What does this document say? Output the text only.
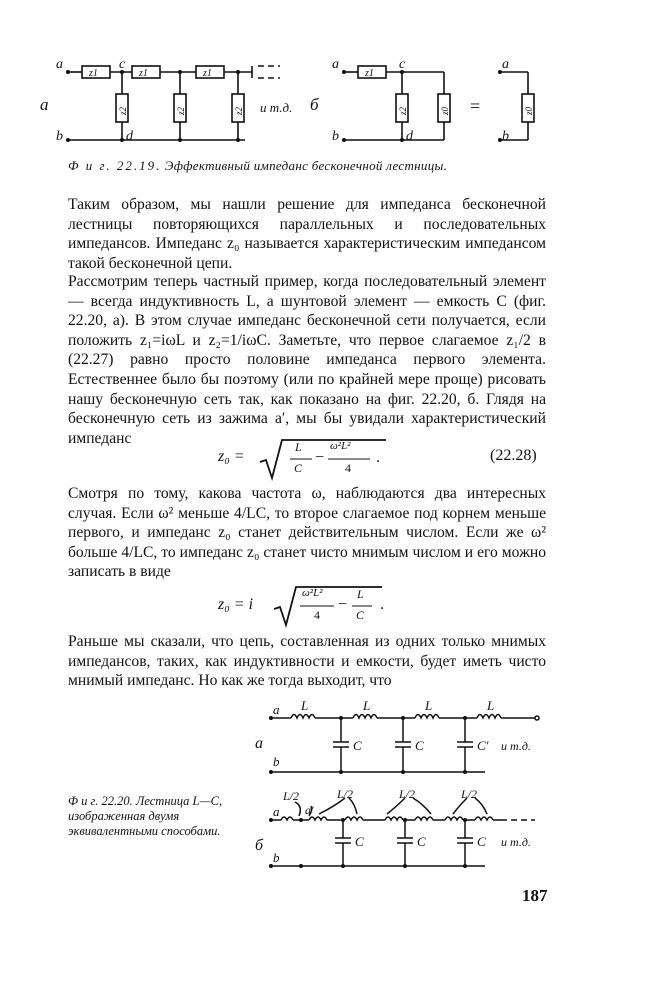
a	c
b	d
z1	z1	z1
а	и т.д.
a	c
b	d
z1
б	=
a
b
z2	z2	z2	z2	z0	z0
Ф и г. 22.19. Эффективный импеданс бесконечной лестницы.

Таким образом, мы нашли решение для импеданса бесконечной лестницы повторяющихся параллельных и последовательных импедансов. Импеданс z₀ называется характеристическим импедансом такой бесконечной цепи.

Рассмотрим теперь частный пример, когда последовательный элемент — всегда индуктивность L, а шунтовой элемент — емкость C (фиг. 22.20, а). В этом случае импеданс бесконечной сети получается, если положить z₁=iωL и z₂=1/iωC. Заметьте, что первое слагаемое z₁/2 в (22.27) равно просто половине импеданса первого элемента. Естественнее было бы поэтому (или по крайней мере проще) рисовать нашу бесконечную сеть так, как показано на фиг. 22.20, б. Глядя на бесконечную сеть из зажима a′, мы бы увидали характеристический импеданс

z₀ =
L
C
−
ω²L²
4
.	(22.28)

Смотря по тому, какова частота ω, наблюдаются два интересных случая. Если ω² меньше 4/LC, то второе слагаемое под корнем меньше первого, и импеданс z₀ станет действительным числом. Если же ω² больше 4/LC, то импеданс z₀ станет чисто мнимым числом и его можно записать в виде

z₀ = i
ω²L²
4
−
L
C
.

Раньше мы сказали, что цепь, составленная из одних только мнимых импедансов, таких, как индуктивности и емкости, будет иметь чисто мнимый импеданс. Но как же тогда выходит, что

a
b
а
L	L	L	L
C	C	C′ и т.д.
б
a a′
b
L/2	L/2	L/2	L/2
C	C	C и т.д.
Ф и г. 22.20. Лестница L—C, изображенная двумя эквивалентными способами.
187
